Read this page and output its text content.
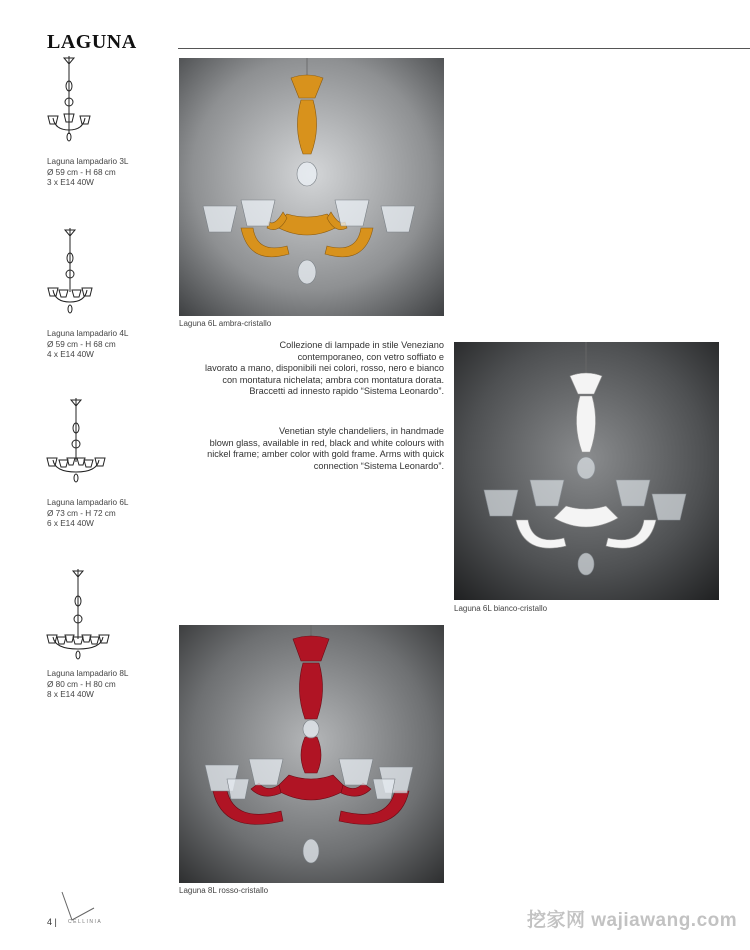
LAGUNA
Laguna lampadario 3L
Ø 59 cm - H 68 cm
3 x E14 40W
Laguna lampadario 4L
Ø 59 cm - H 68 cm
4 x E14 40W
Laguna lampadario 6L
Ø 73 cm - H 72 cm
6 x E14 40W
Laguna lampadario 8L
Ø 80 cm - H 80 cm
8 x E14 40W
Laguna 6L ambra-cristallo
Collezione di lampade in stile Veneziano
contemporaneo, con vetro soffiato e
lavorato a mano, disponibili nei colori, rosso, nero e bianco
con montatura nichelata; ambra con montatura dorata.
Braccetti ad innesto rapido “Sistema Leonardo”.
Venetian style chandeliers, in handmade
blown glass, available in red, black and white colours with
nickel frame; amber color with gold frame. Arms with quick
connection “Sistema Leonardo”.
Laguna 6L bianco-cristallo
Laguna 8L rosso-cristallo
CELLINIA
4 |	挖家网 wajiawang.com
